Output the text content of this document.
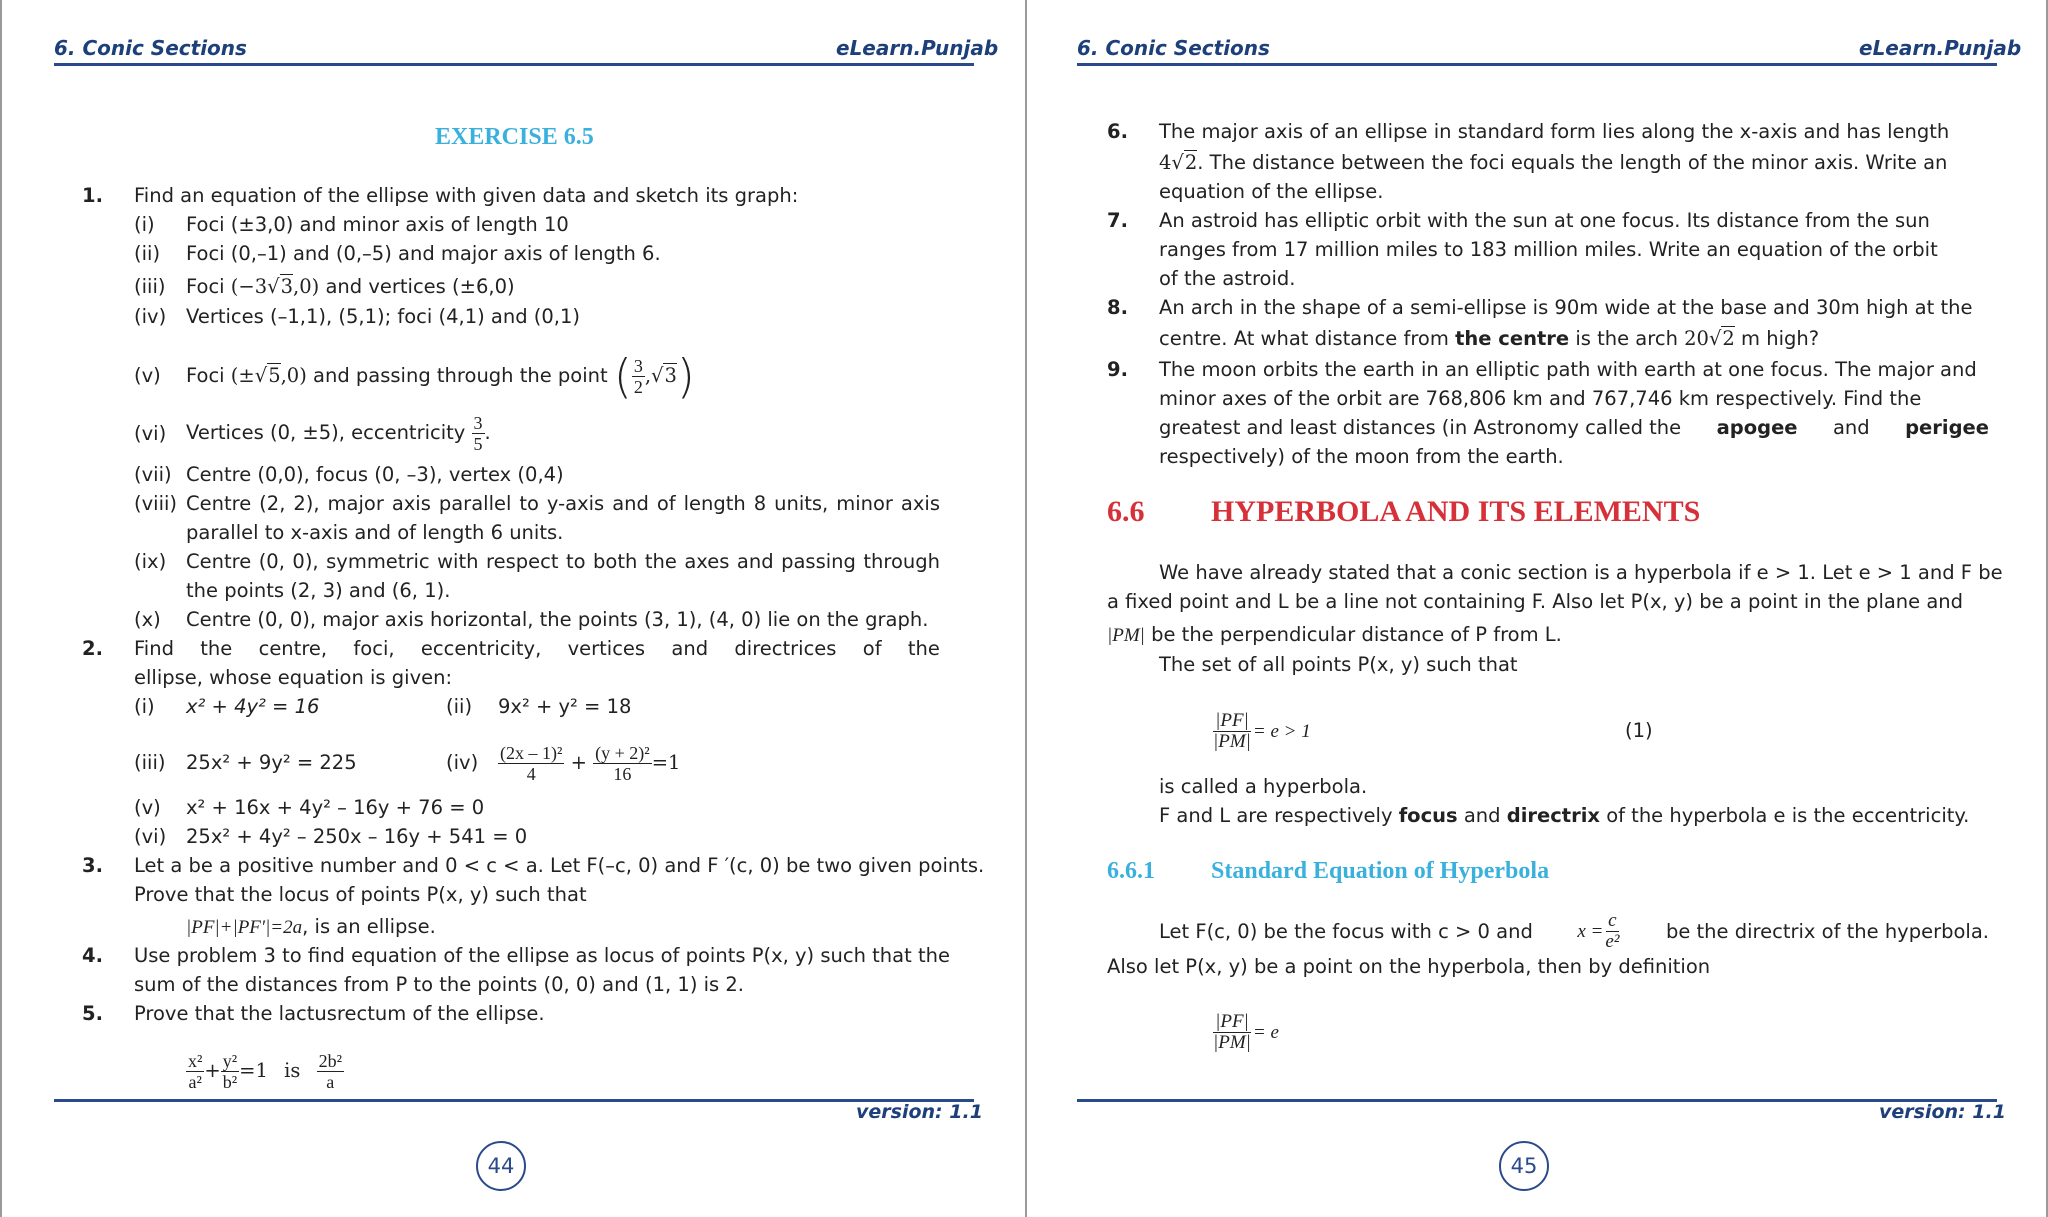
6. Conic Sections	eLearn.Punjab
EXERCISE 6.5
1. Find an equation of the ellipse with given data and sketch its graph:
(i) Foci (±3,0) and minor axis of length 10
(ii) Foci (0,–1) and (0,–5) and major axis of length 6.
(iii) Foci (−3√3,0) and vertices (±6,0)
(iv) Vertices (–1,1), (5,1); foci (4,1) and (0,1)
(v) Foci (±√5,0) and passing through the point ( $\frac{3}{2} ,√3$)
(vi) Vertices (0, ±5), eccentricity $\frac{3}{5}$ .
(vii) Centre (0,0), focus (0, –3), vertex (0,4)
(viii) Centre (2, 2), major axis parallel to y-axis and of length 8 units, minor axis
parallel to x-axis and of length 6 units.
(ix) Centre (0, 0), symmetric with respect to both the axes and passing through
the points (2, 3) and (6, 1).
(x) Centre (0, 0), major axis horizontal, the points (3, 1), (4, 0) lie on the graph.
2. Find the centre, foci, eccentricity, vertices and directrices of the
ellipse, whose equation is given:
(i) x² + 4y² = 16	(ii) 9x² + y² = 18
(iii) 25x² + 9y² = 225	$(iv) \frac{\text{(2x – 1)²}}{4} + \frac{\text{(y + 2)²}}{16} =1$
(v) x² + 16x + 4y² – 16y + 76 = 0
(vi) 25x² + 4y² – 250x – 16y + 541 = 0
3. Let a be a positive number and 0 < c < a. Let F(–c, 0) and F ′(c, 0) be two given points.
Prove that the locus of points P(x, y) such that
|PF|+|PF′|=2a, is an ellipse.
4. Use problem 3 to find equation of the ellipse as locus of points P(x, y) such that the
sum of the distances from P to the points (0, 0) and (1, 1) is 2.
5. Prove that the lactusrectum of the ellipse.
$\frac{\text{x²}}{\text{a²}} + \frac{\text{y²}}{\text{b²}} =1$ is $\frac{\text{2b²}}{a}$
version: 1.1
44
6. Conic Sections	eLearn.Punjab
6. The major axis of an ellipse in standard form lies along the x-axis and has length
4√2. The distance between the foci equals the length of the minor axis. Write an
equation of the ellipse.
7. An astroid has elliptic orbit with the sun at one focus. Its distance from the sun
ranges from 17 million miles to 183 million miles. Write an equation of the orbit
of the astroid.
8. An arch in the shape of a semi-ellipse is 90m wide at the base and 30m high at the
centre. At what distance from the centre is the arch 20√2 m high?
9. The moon orbits the earth in an elliptic path with earth at one focus. The major and
minor axes of the orbit are 768,806 km and 767,746 km respectively. Find the
greatest and least distances (in Astronomy called the apogee and perigee
respectively) of the moon from the earth.
6.6 HYPERBOLA AND ITS ELEMENTS
We have already stated that a conic section is a hyperbola if e > 1. Let e > 1 and F be
a fixed point and L be a line not containing F. Also let P(x, y) be a point in the plane and
|PM| be the perpendicular distance of P from L.
The set of all points P(x, y) such that
$\frac{|PF|}{|PM|} = e > 1$	(1)
is called a hyperbola.
F and L are respectively focus and directrix of the hyperbola e is the eccentricity.
6.6.1 Standard Equation of Hyperbola
Let F(c, 0) be the focus with c > 0 and $x = \frac{c}{\text{e²}}$ be the directrix of the hyperbola.
Also let P(x, y) be a point on the hyperbola, then by definition
$\frac{|PF|}{|PM|} = e$
version: 1.1
45
